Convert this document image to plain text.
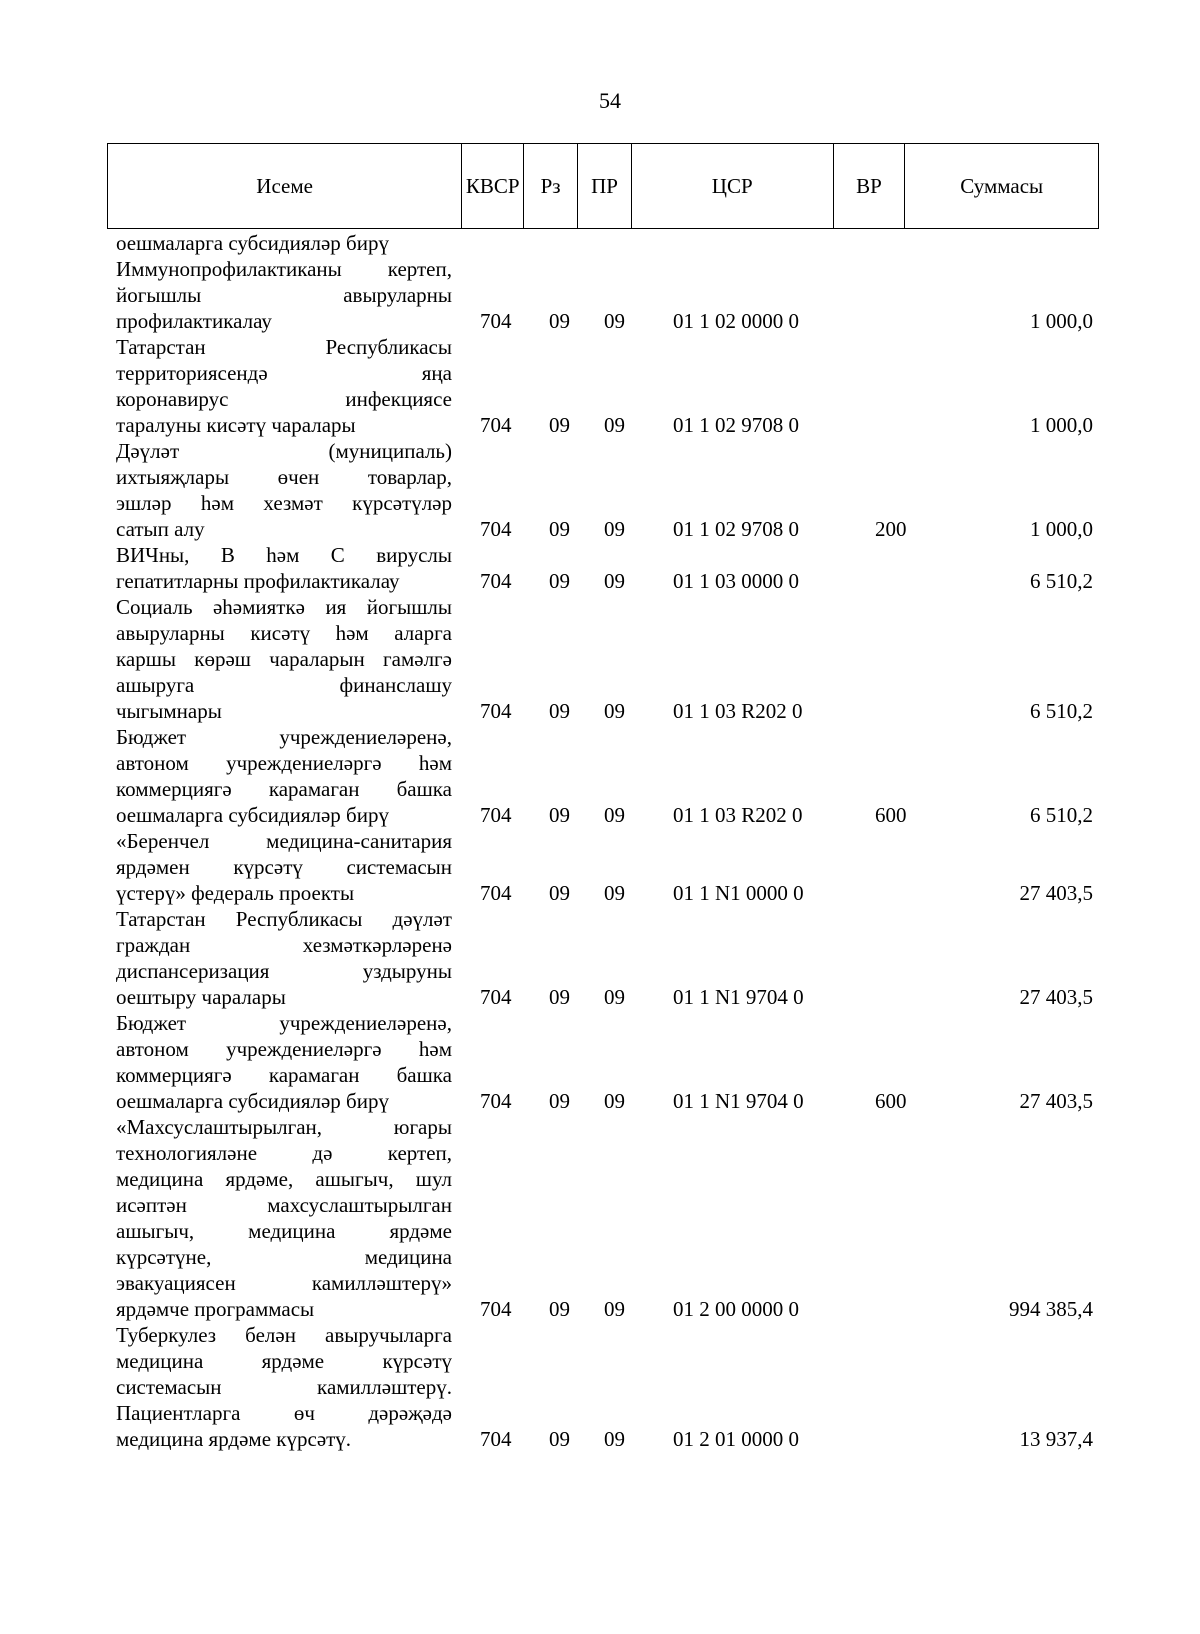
54
Исеме	КВСР	Рз	ПР	ЦСР	ВР	Суммасы
оешмаларга субсидияләр бирү
Иммунопрофилактиканы кертеп,
йогышлы авыруларны
профилактикалау	704 09 09 01 1 02 0000 0	1 000,0
Татарстан Республикасы
территориясендә яңа
коронавирус инфекциясе
таралуны кисәтү чаралары	704 09 09 01 1 02 9708 0	1 000,0
Дәүләт (муниципаль)
ихтыяҗлары өчен товарлар,
эшләр һәм хезмәт күрсәтүләр
сатып алу	704 09 09 01 1 02 9708 0	200	1 000,0
ВИЧны, В һәм С вируслы
гепатитларны профилактикалау	704 09 09 01 1 03 0000 0	6 510,2
Социаль әһәмияткә ия йогышлы
авыруларны кисәтү һәм аларга
каршы көрәш чараларын гамәлгә
ашыруга финанслашу
чыгымнары	704 09 09 01 1 03 R202 0	6 510,2
Бюджет учреждениеләренә,
автоном учреждениеләргә һәм
коммерциягә карамаган башка
оешмаларга субсидияләр бирү	704 09 09 01 1 03 R202 0	600	6 510,2
«Беренчел медицина-санитария
ярдәмен күрсәтү системасын
үстерү» федераль проекты	704 09 09 01 1 N1 0000 0	27 403,5
Татарстан Республикасы дәүләт
граждан хезмәткәрләренә
диспансеризация уздыруны
оештыру чаралары	704 09 09 01 1 N1 9704 0	27 403,5
Бюджет учреждениеләренә,
автоном учреждениеләргә һәм
коммерциягә карамаган башка
оешмаларга субсидияләр бирү	704 09 09 01 1 N1 9704 0	600	27 403,5
«Махсуслаштырылган, югары
технологияләне дә кертеп,
медицина ярдәме, ашыгыч, шул
исәптән махсуслаштырылган
ашыгыч, медицина ярдәме
күрсәтүне, медицина
эвакуациясен камилләштерү»
ярдәмче программасы	704 09 09 01 2 00 0000 0	994 385,4
Туберкулез белән авыручыларга
медицина ярдәме күрсәтү
системасын камилләштерү.
Пациентларга өч дәрәҗәдә
медицина ярдәме күрсәтү.	704 09 09 01 2 01 0000 0	13 937,4
